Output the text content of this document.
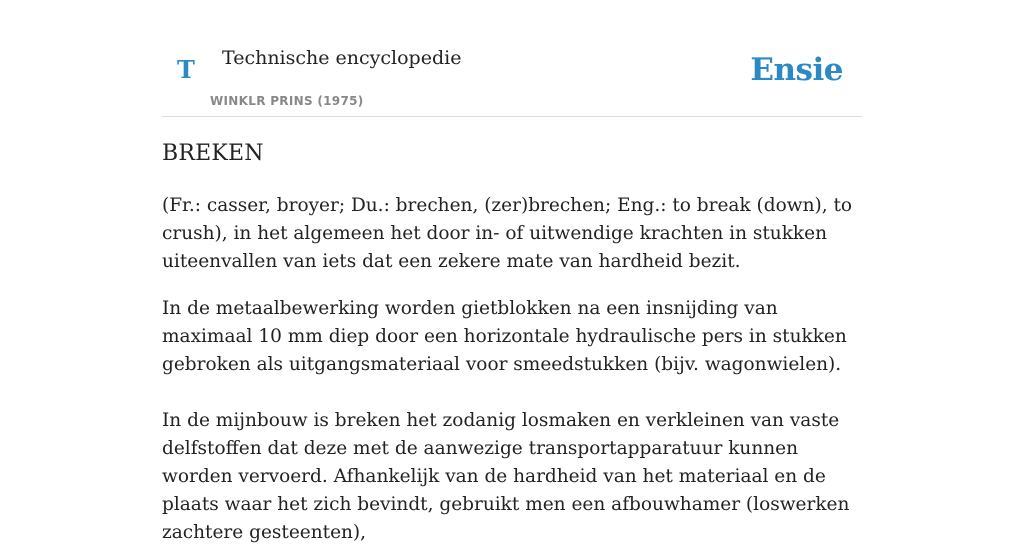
T Technische encyclopedie
WINKLR PRINS (1975)
Ensie
BREKEN

(Fr.: casser, broyer; Du.: brechen, (zer)brechen; Eng.: to break (down), to crush), in het algemeen het door in- of uitwendige krachten in stukken uiteenvallen van iets dat een zekere mate van hardheid bezit.

In de metaalbewerking worden gietblokken na een insnijding van maximaal 10 mm diep door een horizontale hydraulische pers in stukken gebroken als uitgangsmateriaal voor smeedstukken (bijv. wagonwielen).

In de mijnbouw is breken het zodanig losmaken en verkleinen van vaste delfstoffen dat deze met de aanwezige transportapparatuur kunnen worden vervoerd. Afhankelijk van de hardheid van het materiaal en de plaats waar het zich bevindt, gebruikt men een afbouwhamer (loswerken zachtere gesteenten),
